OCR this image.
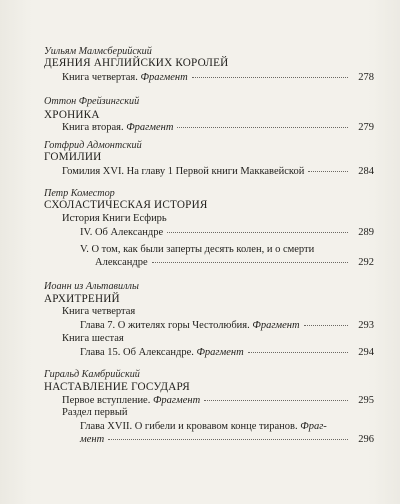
Уильям Малмсберийский
ДЕЯНИЯ АНГЛИЙСКИХ КОРОЛЕЙ
Книга четвертая. Фрагмент	278
Оттон Фрейзингский
ХРОНИКА
Книга вторая. Фрагмент	279
Готфрид Адмонтский
ГОМИЛИИ
Гомилия XVI. На главу 1 Первой книги Маккавейской	284
Петр Коместор
СХОЛАСТИЧЕСКАЯ ИСТОРИЯ
История Книги Есфирь
IV. Об Александре	289
V. О том, как были заперты десять колен, и о смерти
Александре	292
Иоанн из Альтавиллы
АРХИТРЕНИЙ
Книга четвертая
Глава 7. О жителях горы Честолюбия. Фрагмент	293
Книга шестая
Глава 15. Об Александре. Фрагмент	294
Гиральд Камбрийский
НАСТАВЛЕНИЕ ГОСУДАРЯ
Первое вступление. Фрагмент	295
Раздел первый
Глава XVII. О гибели и кровавом конце тиранов. Фраг-
мент	296
